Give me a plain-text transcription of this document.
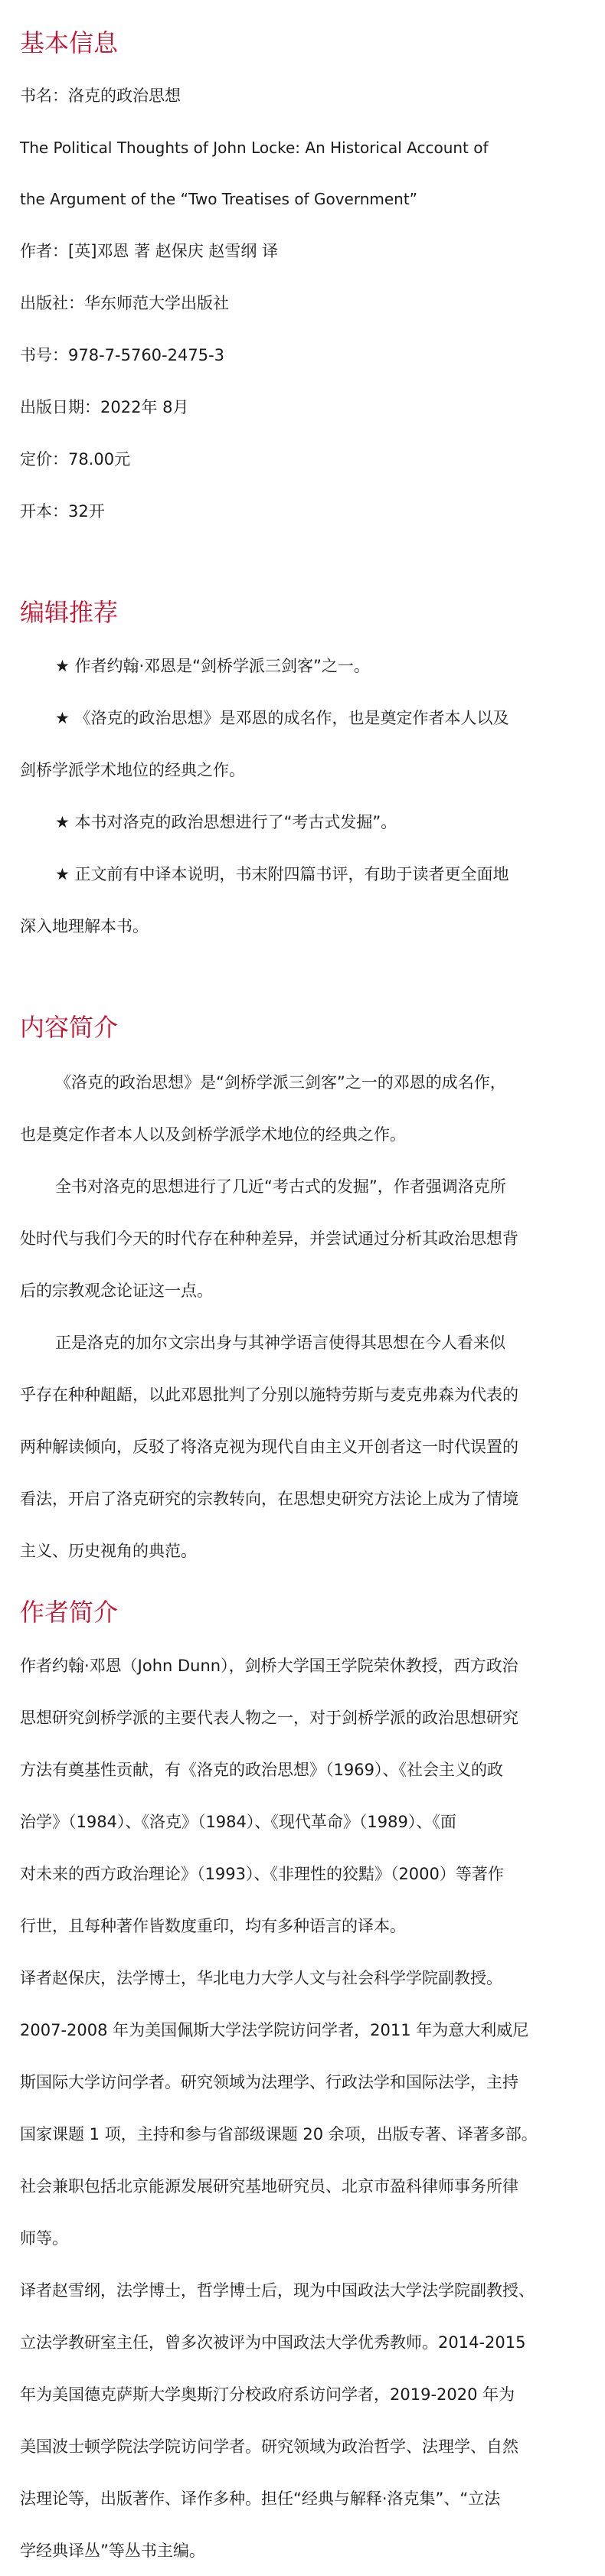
基本信息

书名：洛克的政治思想

The Political Thoughts of John Locke: An Historical Account of

the Argument of the “Two Treatises of Government”

作者：[英]邓恩 著 赵保庆 赵雪纲 译

出版社：华东师范大学出版社

书号：978-7-5760-2475-3

出版日期：2022年 8月

定价：78.00元

开本：32开

编辑推荐

★ 作者约翰·邓恩是“剑桥学派三剑客”之一。

★ 《洛克的政治思想》是邓恩的成名作，也是奠定作者本人以及

剑桥学派学术地位的经典之作。

★ 本书对洛克的政治思想进行了“考古式发掘”。

★ 正文前有中译本说明，书末附四篇书评，有助于读者更全面地

深入地理解本书。

内容简介

《洛克的政治思想》是“剑桥学派三剑客”之一的邓恩的成名作，

也是奠定作者本人以及剑桥学派学术地位的经典之作。

全书对洛克的思想进行了几近“考古式的发掘”，作者强调洛克所

处时代与我们今天的时代存在种种差异，并尝试通过分析其政治思想背

后的宗教观念论证这一点。

正是洛克的加尔文宗出身与其神学语言使得其思想在今人看来似

乎存在种种龃龉，以此邓恩批判了分别以施特劳斯与麦克弗森为代表的

两种解读倾向，反驳了将洛克视为现代自由主义开创者这一时代误置的

看法，开启了洛克研究的宗教转向，在思想史研究方法论上成为了情境

主义、历史视角的典范。

作者简介

作者约翰·邓恩（John Dunn），剑桥大学国王学院荣休教授，西方政治

思想研究剑桥学派的主要代表人物之一，对于剑桥学派的政治思想研究

方法有奠基性贡献，有《洛克的政治思想》（1969）、《社会主义的政

治学》（1984）、《洛克》（1984）、《现代革命》（1989）、《面

对未来的西方政治理论》（1993）、《非理性的狡黠》（2000）等著作

行世，且每种著作皆数度重印，均有多种语言的译本。

译者赵保庆，法学博士，华北电力大学人文与社会科学学院副教授。

2007-2008 年为美国佩斯大学法学院访问学者，2011 年为意大利威尼

斯国际大学访问学者。研究领域为法理学、行政法学和国际法学，主持

国家课题 1 项，主持和参与省部级课题 20 余项，出版专著、译著多部。

社会兼职包括北京能源发展研究基地研究员、北京市盈科律师事务所律

师等。

译者赵雪纲，法学博士，哲学博士后，现为中国政法大学法学院副教授、

立法学教研室主任，曾多次被评为中国政法大学优秀教师。2014-2015

年为美国德克萨斯大学奥斯汀分校政府系访问学者，2019-2020 年为

美国波士顿学院法学院访问学者。研究领域为政治哲学、法理学、自然

法理论等，出版著作、译作多种。担任“经典与解释·洛克集”、“立法

学经典译丛”等丛书主编。
